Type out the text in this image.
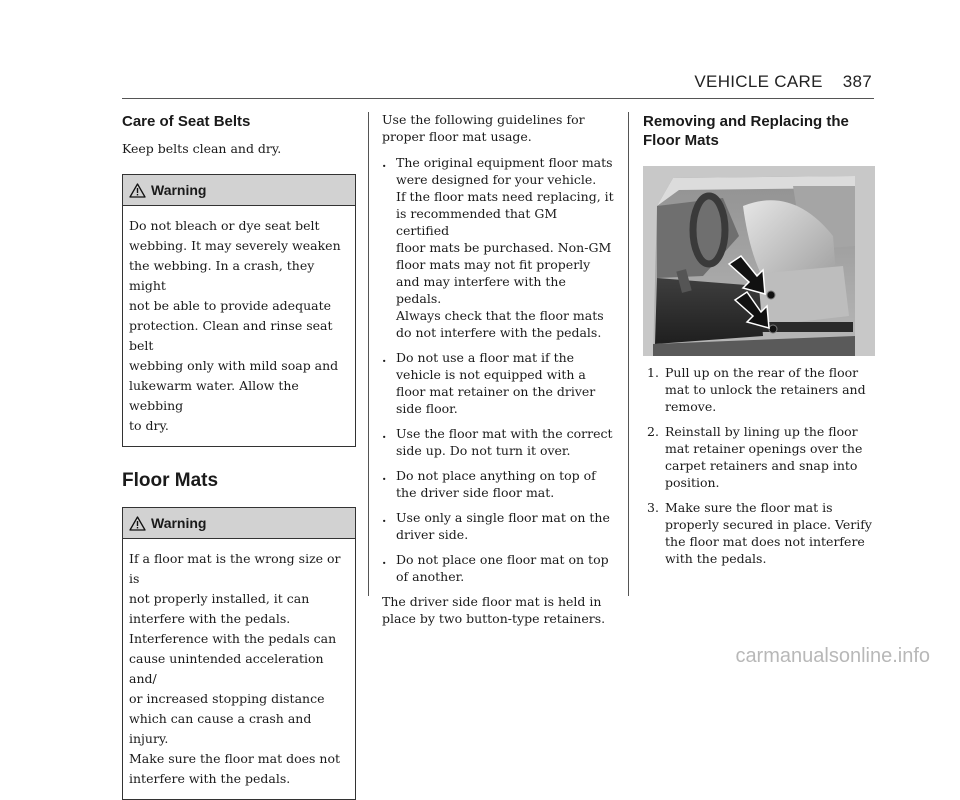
VEHICLE CARE 387
Care of Seat Belts

Keep belts clean and dry.

Warning

Do not bleach or dye seat belt

webbing. It may severely weaken

the webbing. In a crash, they might

not be able to provide adequate

protection. Clean and rinse seat belt

webbing only with mild soap and

lukewarm water. Allow the webbing

to dry.

Floor Mats
Warning

If a floor mat is the wrong size or is

not properly installed, it can

interfere with the pedals.

Interference with the pedals can

cause unintended acceleration and/

or increased stopping distance

which can cause a crash and injury.

Make sure the floor mat does not

interfere with the pedals.

Use the following guidelines for

proper floor mat usage.

. The original equipment floor mats
were designed for your vehicle.
If the floor mats need replacing, it
is recommended that GM certified
floor mats be purchased. Non-GM
floor mats may not fit properly
and may interfere with the pedals.
Always check that the floor mats
do not interfere with the pedals.
. Do not use a floor mat if the
vehicle is not equipped with a
floor mat retainer on the driver
side floor.
. Use the floor mat with the correct
side up. Do not turn it over.
. Do not place anything on top of
the driver side floor mat.
. Use only a single floor mat on the
driver side.
. Do not place one floor mat on top
of another.

The driver side floor mat is held in

place by two button-type retainers.

Removing and Replacing the
Floor Mats
1. Pull up on the rear of the floor
mat to unlock the retainers and
remove.
2. Reinstall by lining up the floor
mat retainer openings over the
carpet retainers and snap into
position.
3. Make sure the floor mat is
properly secured in place. Verify
the floor mat does not interfere
with the pedals.
carmanualsonline.info
